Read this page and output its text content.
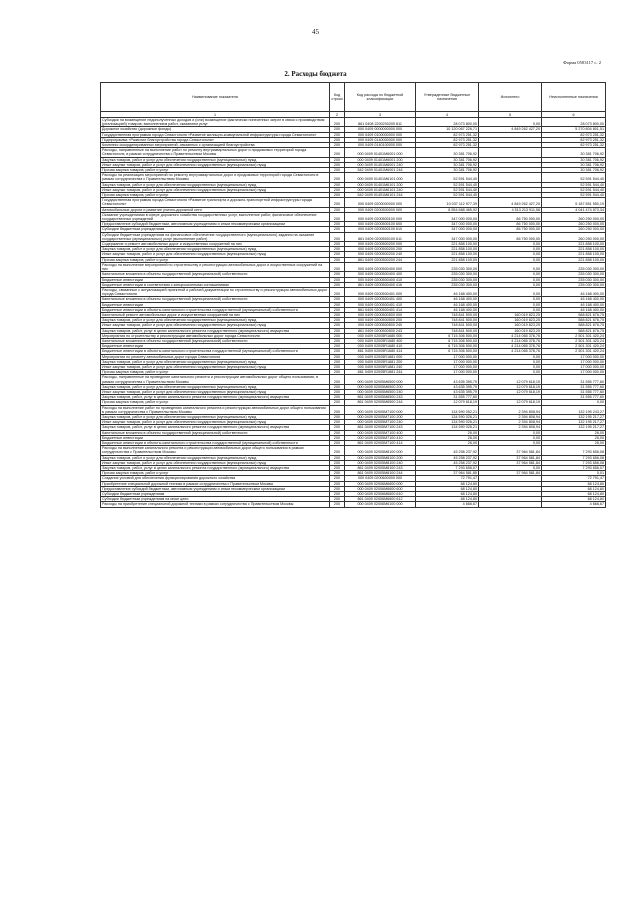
45
Форма 0503117 с. 2
2. Расходы бюджета
Наименование показателя	Код строки	Код расхода по бюджетной классификации	Утвержденные бюджетные назначения	Исполнено	Неисполненные назначения
1	2	3	4	5	6
Субсидии на возмещение недополученных доходов и (или) возмещение фактически понесенных затрат в связи с производством (реализацией) товаров, выполнением работ, оказанием услуг	200	861 0408 2200200200 811	28 073 800,00	0,00	28 073 800,00
Дорожное хозяйство (дорожные фонды)	200	000 0409 0000000000 000	10 120 067 226,71	4 849 262 427,20	5 270 804 801,51
Государственная программа города Севастополя «Развитие жилищно-коммунальной инфраструктуры города Севастополя»	200	000 0409 0100000000 000	82 973 251,32		82 973 251,32
Подпрограмма «Развитие благоустройства города Севастополя»	200	000 0409 0140000000 000	82 973 251,32		82 973 251,32
Комплекс скоординированных мероприятий, связанных с организацией благоустройства	200	000 0409 0140100000 000	82 973 251,32		82 973 251,32
Расходы, направленные на выполнение работ по ремонту внутриквартальных дорог и придомовых территорий города Севастополя, в рамках сотрудничества с Правительством Москвы	200	000 0409 01401М6001 000	30 381 706,92		30 381 706,92
Закупка товаров, работ и услуг для обеспечения государственных (муниципальных) нужд	200	000 0409 01401М6001 200	30 381 706,92		30 381 706,92
Иные закупки товаров, работ и услуг для обеспечения государственных (муниципальных) нужд	200	000 0409 01401М6001 240	30 381 706,92		30 381 706,92
Прочая закупка товаров, работ и услуг	200	542 0409 01401М6001 244	30 381 706,92		30 381 706,92
Расходы на реализацию мероприятий по ремонту внутриквартальных дорог и придомовых территорий города Севастополя в рамках сотрудничества с Правительством Москвы	200	000 0409 01401М6101 000	52 591 544,40		52 591 544,40
Закупка товаров, работ и услуг для обеспечения государственных (муниципальных) нужд	200	000 0409 01401М6101 200	52 591 544,40		52 591 544,40
Иные закупки товаров, работ и услуг для обеспечения государственных (муниципальных) нужд	200	000 0409 01401М6101 240	52 591 544,40		52 591 544,40
Прочая закупка товаров, работ и услуг	200	542 0409 01401М6101 244	52 591 544,40		52 591 544,40
Государственная программа города Севастополя «Развитие транспорта и дорожно-транспортной инфраструктуры города Севастополя»	200	000 0409 0200000000 000	10 037 112 977,39	4 849 262 427,20	5 187 851 550,19
Автомобильные дороги и развитие улично-дорожной сети	200	000 0409 0200500000 000	8 554 688 465,92	4 513 213 911,58	4 041 474 573,34
Оказание учреждениями в сфере дорожного хозяйства государственных услуг, выполнение работ, финансовое обеспечение государственных учреждений	200	000 0409 0200500100 000	347 000 000,00	86 750 000,00	260 250 000,00
Предоставление субсидий бюджетным, автономным учреждениям и иным некоммерческим организациям	200	000 0409 0200500100 600	347 000 000,00	86 750 000,00	260 250 000,00
Субсидии бюджетным учреждениям	200	000 0409 0200500100 610	347 000 000,00	86 750 000,00	260 250 000,00
Субсидии бюджетным учреждениям на финансовое обеспечение государственного (муниципального) задания на оказание государственных (муниципальных) услуг (выполнение работ)	200	861 0409 0200500100 611	347 000 000,00	86 750 000,00	260 250 000,00
Содержание и ремонт автомобильных дорог и искусственных сооружений на них	200	000 0409 0200500200 000	221 858 100,00	0,00	221 858 100,00
Закупка товаров, работ и услуг для обеспечения государственных (муниципальных) нужд	200	000 0409 0200500200 200	221 858 100,00	0,00	221 858 100,00
Иные закупки товаров, работ и услуг для обеспечения государственных (муниципальных) нужд	200	000 0409 0200500200 240	221 858 100,00	0,00	221 858 100,00
Прочая закупка товаров, работ и услуг	200	861 0409 0200500200 244	221 858 100,00	0,00	221 858 100,00
Расходы на выполнение мероприятий по строительству и реконструкции автомобильных дорог и искусственных сооружений на них	200	000 0409 0200500400 000	235 030 300,00	0,00	235 030 300,00
Капитальные вложения в объекты государственной (муниципальной) собственности	200	000 0409 0200500400 400	235 030 300,00	0,00	235 030 300,00
Бюджетные инвестиции	200	000 0409 0200500400 410	235 030 300,00	0,00	235 030 300,00
Бюджетные инвестиции в соответствии с концессионными соглашениями	200	861 0409 0200500400 416	235 030 300,00	0,00	235 030 300,00
Расходы, связанные с актуализацией проектной и рабочей документации по строительству и реконструкции автомобильных дорог города Севастополя	200	000 0409 0200500401 000	46 168 400,00	0,00	46 168 400,00
Капитальные вложения в объекты государственной (муниципальной) собственности	200	000 0409 0200500401 400	46 168 400,00	0,00	46 168 400,00
Бюджетные инвестиции	200	000 0409 0200500401 410	46 168 400,00	0,00	46 168 400,00
Бюджетные инвестиции в объекты капитального строительства государственной (муниципальной) собственности	200	861 0409 0200500401 414	46 168 400,00	0,00	46 168 400,00
Капитальный ремонт автомобильных дорог и искусственных сооружений на них	200	000 0409 0200500500 000	748 841 500,00	160 019 823,25	588 821 676,75
Закупка товаров, работ и услуг для обеспечения государственных (муниципальных) нужд	200	000 0409 0200500500 200	748 841 500,00	160 019 823,25	588 821 676,75
Иные закупки товаров, работ и услуг для обеспечения государственных (муниципальных) нужд	200	000 0409 0200500500 240	748 841 500,00	160 019 823,25	588 821 676,75
Закупка товаров, работ, услуг в целях капитального ремонта государственного (муниципального) имущества	200	861 0409 0200500500 243	748 841 500,00	160 019 823,25	588 821 676,75
Мероприятия по строительству и реконструкции автомобильных дорог города Севастополя	200	000 0409 02005R1680 000	6 715 306 500,00	4 214 065 378,76	2 501 301 420,24
Капитальные вложения в объекты государственной (муниципальной) собственности	200	000 0409 02005R1680 400	6 715 306 500,00	4 214 065 378,76	2 501 301 420,24
Бюджетные инвестиции	200	000 0409 02005R1680 410	6 715 306 500,00	4 214 065 378,76	2 501 301 420,24
Бюджетные инвестиции в объекты капитального строительства государственной (муниципальной) собственности	200	861 0409 02005R1680 414	6 715 306 500,00	4 214 065 378,76	2 501 301 420,24
Мероприятия по ремонту автомобильных дорог города Севастополя	200	000 0409 02005R1881 000	17 000 000,00	0,00	17 000 000,00
Закупка товаров, работ и услуг для обеспечения государственных (муниципальных) нужд	200	000 0409 02005R1881 200	17 000 000,00	0,00	17 000 000,00
Иные закупки товаров, работ и услуг для обеспечения государственных (муниципальных) нужд	200	000 0409 02005R1881 240	17 000 000,00	0,00	17 000 000,00
Прочая закупка товаров, работ и услуг	200	861 0409 02005R1881 244	17 000 000,00	0,00	17 000 000,00
Расходы, направленные на проведение капитального ремонта и реконструкции автомобильных дорог общего пользования, в рамках сотрудничества с Правительством Москвы	200	000 0409 02005М6500 000	43 635 395,79	12 079 618,19	31 555 777,60
Закупка товаров, работ и услуг для обеспечения государственных (муниципальных) нужд	200	000 0409 02005М6500 200	43 635 395,79	12 079 618,19	31 555 777,60
Иные закупки товаров, работ и услуг для обеспечения государственных (муниципальных) нужд	200	000 0409 02005М6500 240	43 635 395,79	12 079 618,19	31 555 777,60
Закупка товаров, работ, услуг в целях капитального ремонта государственного (муниципального) имущества	200	861 0409 02005М6500 243	31 555 777,60		31 555 777,60
Прочая закупка товаров, работ и услуг	200	861 0409 02005М6500 244	12 079 618,19	12 079 618,19	0,00
Расходы на выполнение работ по проведению капитального ремонта и реконструкции автомобильных дорог общего пользования в рамках сотрудничества с Правительством Москвы	200	000 0409 02005М7100 000	134 590 052,21	2 394 808,94	132 195 243,27
Закупка товаров, работ и услуг для обеспечения государственных (муниципальных) нужд	200	000 0409 02005М7100 200	134 590 026,21	2 394 808,94	132 195 217,27
Иные закупки товаров, работ и услуг для обеспечения государственных (муниципальных) нужд	200	000 0409 02005М7100 240	134 590 026,21	2 394 808,94	132 195 217,27
Закупка товаров, работ, услуг в целях капитального ремонта государственного (муниципального) имущества	200	861 0409 02005М7100 243	134 590 026,21	2 394 808,94	132 195 217,27
Капитальные вложения в объекты государственной (муниципальной) собственности	200	000 0409 02005М7100 400	26,00	0,00	26,00
Бюджетные инвестиции	200	000 0409 02005М7100 410	26,00	0,00	26,00
Бюджетные инвестиции в объекты капитального строительства государственной (муниципальной) собственности	200	861 0409 02005М7100 414	26,00	0,00	26,00
Расходы на выполнение капитального ремонта и реконструкции автомобильных дорог общего пользования в рамках сотрудничества с Правительством Москвы	200	000 0409 02005М8100 000	45 258 237,92	37 964 581,84	7 293 656,08
Закупка товаров, работ и услуг для обеспечения государственных (муниципальных) нужд	200	000 0409 02005М8100 200	45 258 237,92	37 964 581,84	7 293 656,08
Иные закупки товаров, работ и услуг для обеспечения государственных (муниципальных) нужд	200	000 0409 02005М8100 240	45 258 237,92	37 964 581,84	7 293 656,08
Закупка товаров, работ, услуг в целях капитального ремонта государственного (муниципального) имущества	200	861 0409 02005М8100 243	7 293 656,07	0,00	7 293 656,07
Прочая закупка товаров, работ и услуг	200	861 0409 02005М8100 244	37 964 581,85	37 964 581,84	0,01
Создание условий для обеспечения функционирования дорожного хозяйства	200	000 0409 0200600000 000	72 791,47		72 791,47
Приобретение специальной дорожной техники в рамках сотрудничества с Правительством Москвы	200	000 0409 02006М6600 000	68 124,80		68 124,80
Предоставление субсидий бюджетным, автономным учреждениям и иным некоммерческим организациям	200	000 0409 02006М6600 600	68 124,80		68 124,80
Субсидии бюджетным учреждениям	200	000 0409 02006М6600 610	68 124,80		68 124,80
Субсидии бюджетным учреждениям на иные цели	200	861 0409 02006М6600 612	68 124,80		68 124,80
Расходы на приобретение специальной дорожной техники в рамках сотрудничества с Правительством Москвы	200	000 0409 02006М6100 000	4 666,67		4 666,67
